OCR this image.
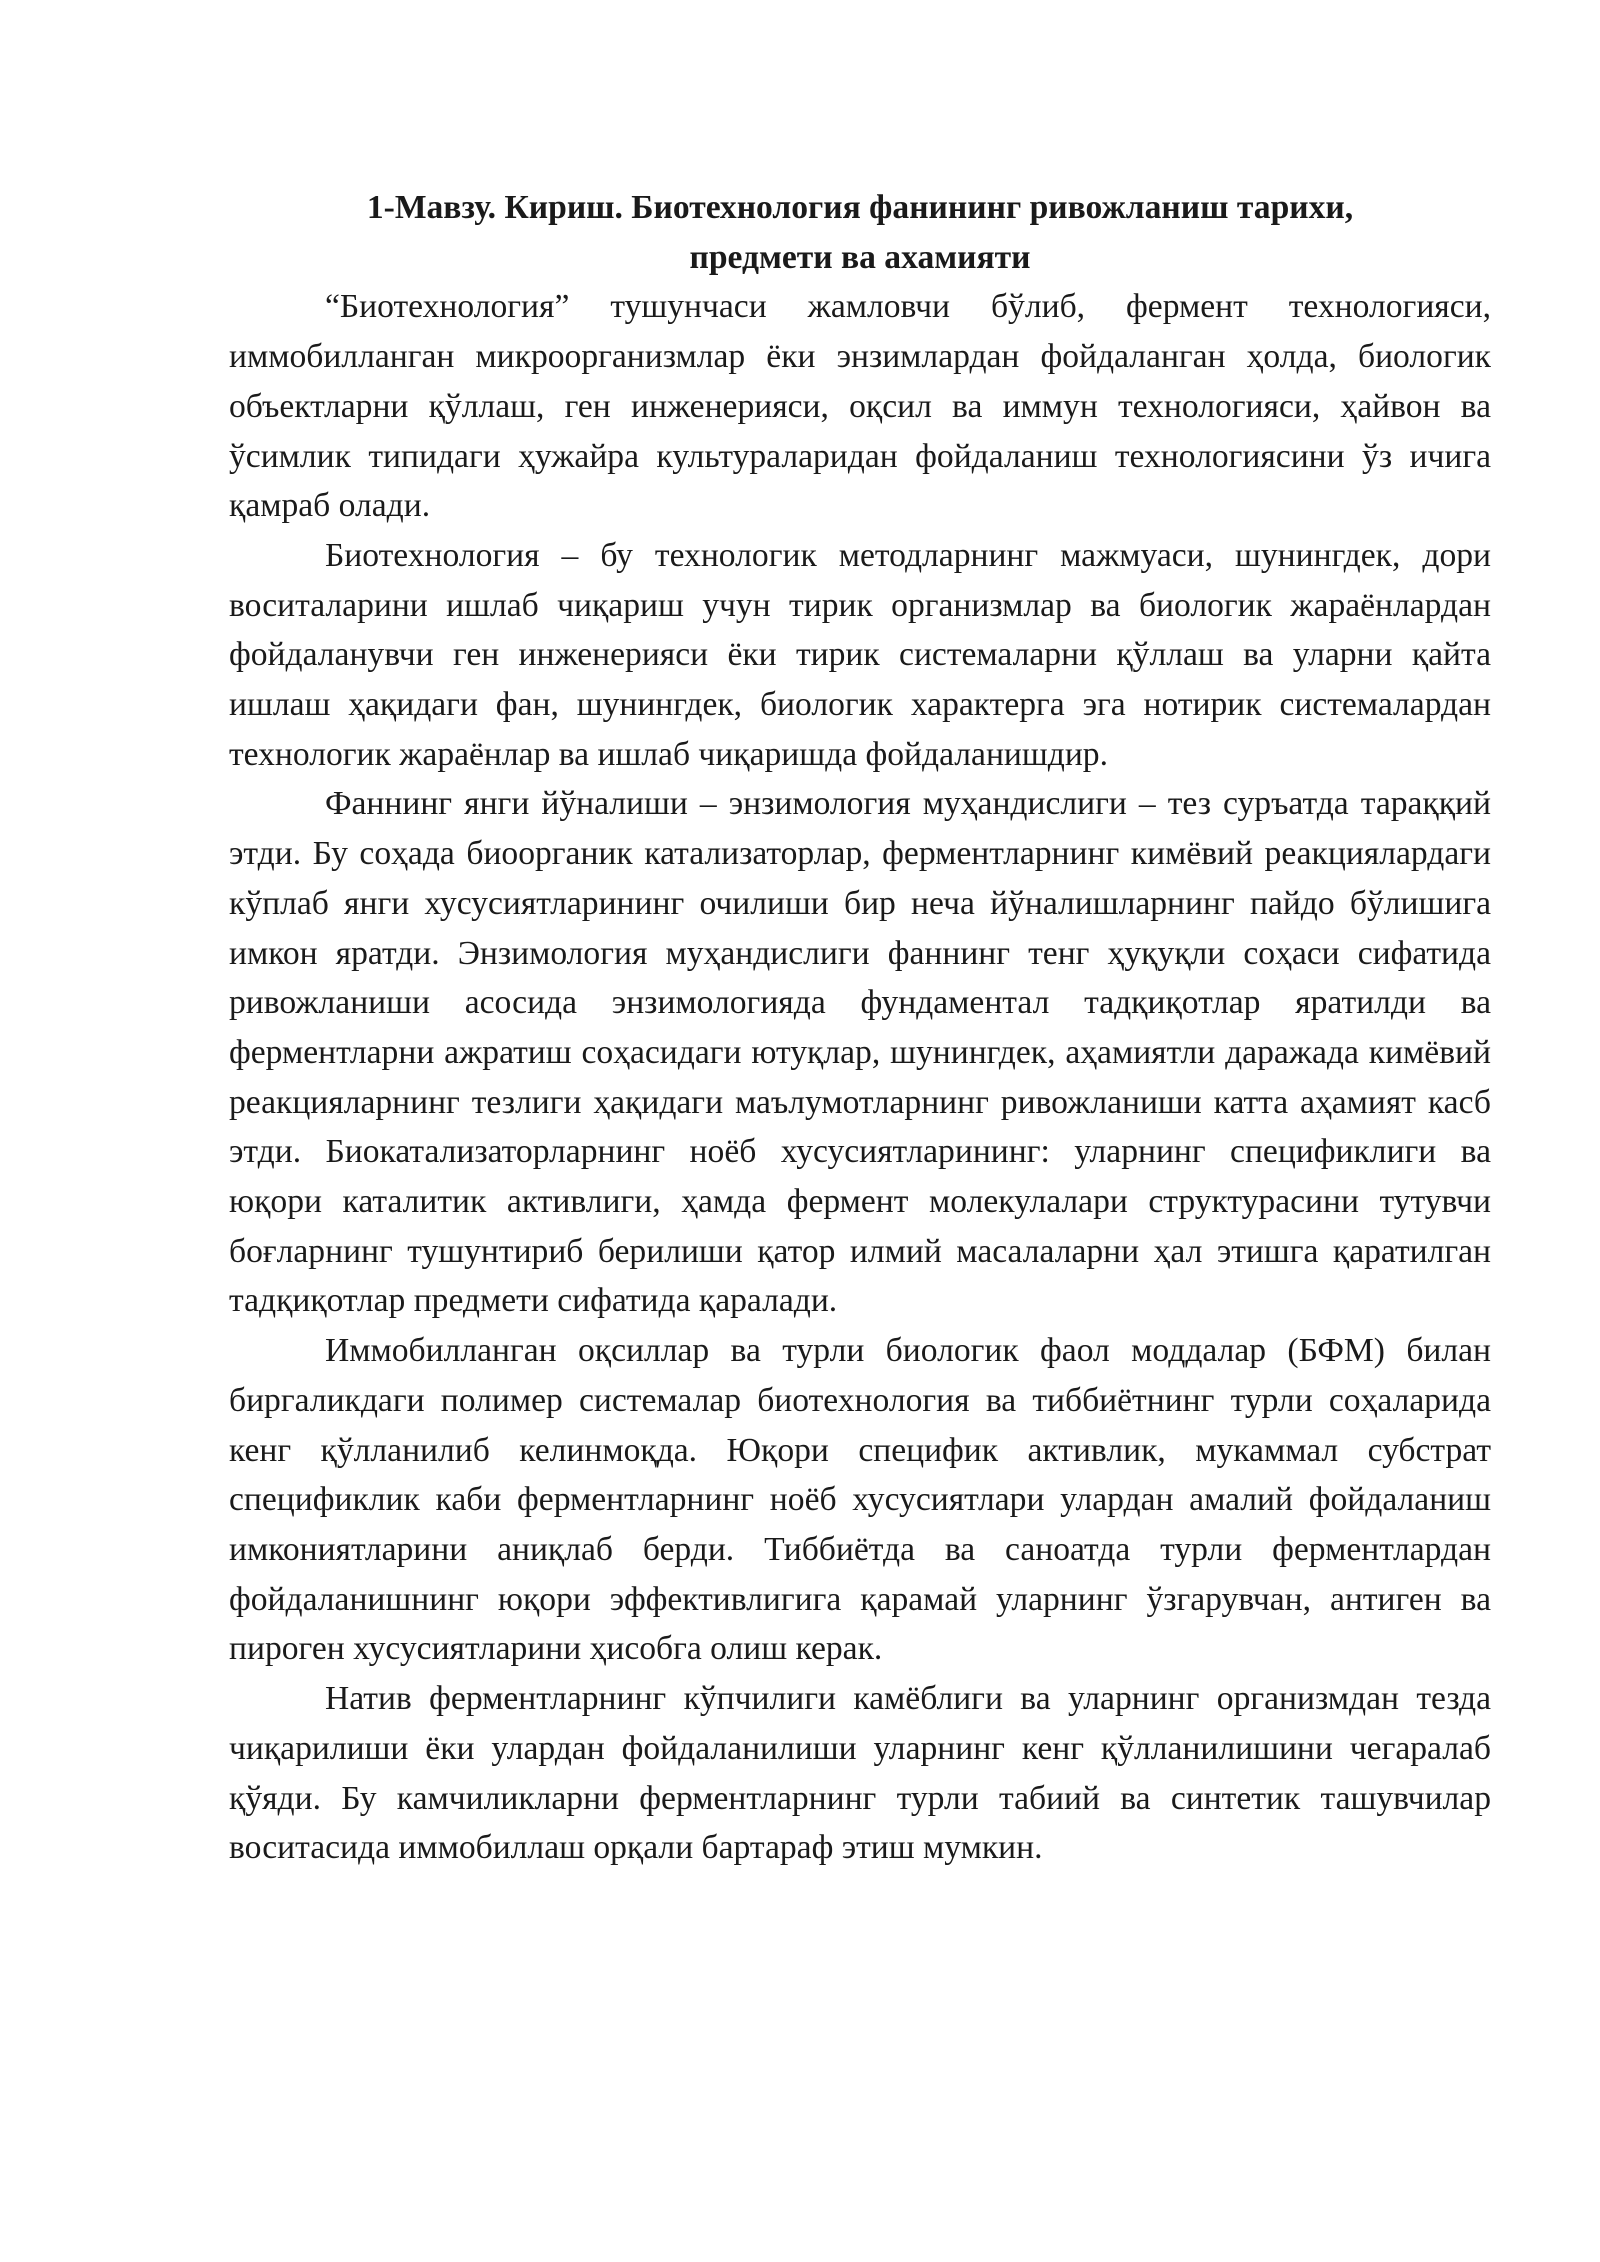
1-Мавзу. Кириш. Биотехнология фанининг ривожланиш тарихи,
предмети ва ахамияти

“Биотехнология” тушунчаси жамловчи бўлиб, фермент технологияси, иммобилланган микроорганизмлар ёки энзимлардан фойдаланган ҳолда, биологик объектларни қўллаш, ген инженерияси, оқсил ва иммун технологияси, ҳайвон ва ўсимлик типидаги ҳужайра культураларидан фойдаланиш технологиясини ўз ичига қамраб олади.

Биотехнология – бу технологик методларнинг мажмуаси, шунингдек, дори воситаларини ишлаб чиқариш учун тирик организмлар ва биологик жараёнлардан фойдаланувчи ген инженерияси ёки тирик системаларни қўллаш ва уларни қайта ишлаш ҳақидаги фан, шунингдек, биологик характерга эга нотирик системалардан технологик жараёнлар ва ишлаб чиқаришда фойдаланишдир.

Фаннинг янги йўналиши – энзимология муҳандислиги – тез суръатда тараққий этди. Бу соҳада биоорганик катализаторлар, ферментларнинг кимёвий реакциялардаги кўплаб янги хусусиятларининг очилиши бир неча йўналишларнинг пайдо бўлишига имкон яратди. Энзимология муҳандислиги фаннинг тенг ҳуқуқли соҳаси сифатида ривожланиши асосида энзимологияда фундаментал тадқиқотлар яратилди ва ферментларни ажратиш соҳасидаги ютуқлар, шунингдек, аҳамиятли даражада кимёвий реакцияларнинг тезлиги ҳақидаги маълумотларнинг ривожланиши катта аҳамият касб этди. Биокатализаторларнинг ноёб хусусиятларининг: уларнинг спецификлиги ва юқори каталитик активлиги, ҳамда фермент молекулалари структурасини тутувчи боғларнинг тушунтириб берилиши қатор илмий масалаларни ҳал этишга қаратилган тадқиқотлар предмети сифатида қаралади.

Иммобилланган оқсиллар ва турли биологик фаол моддалар (БФМ) билан биргаликдаги полимер системалар биотехнология ва тиббиётнинг турли соҳаларида кенг қўлланилиб келинмоқда. Юқори специфик активлик, мукаммал субстрат спецификлик каби ферментларнинг ноёб хусусиятлари улардан амалий фойдаланиш имкониятларини аниқлаб берди. Тиббиётда ва саноатда турли ферментлардан фойдаланишнинг юқори эффективлигига қарамай уларнинг ўзгарувчан, антиген ва пироген хусусиятларини ҳисобга олиш керак.

Натив ферментларнинг кўпчилиги камёблиги ва уларнинг организмдан тезда чиқарилиши ёки улардан фойдаланилиши уларнинг кенг қўлланилишини чегаралаб қўяди. Бу камчиликларни ферментларнинг турли табиий ва синтетик ташувчилар воситасида иммобиллаш орқали бартараф этиш мумкин.
